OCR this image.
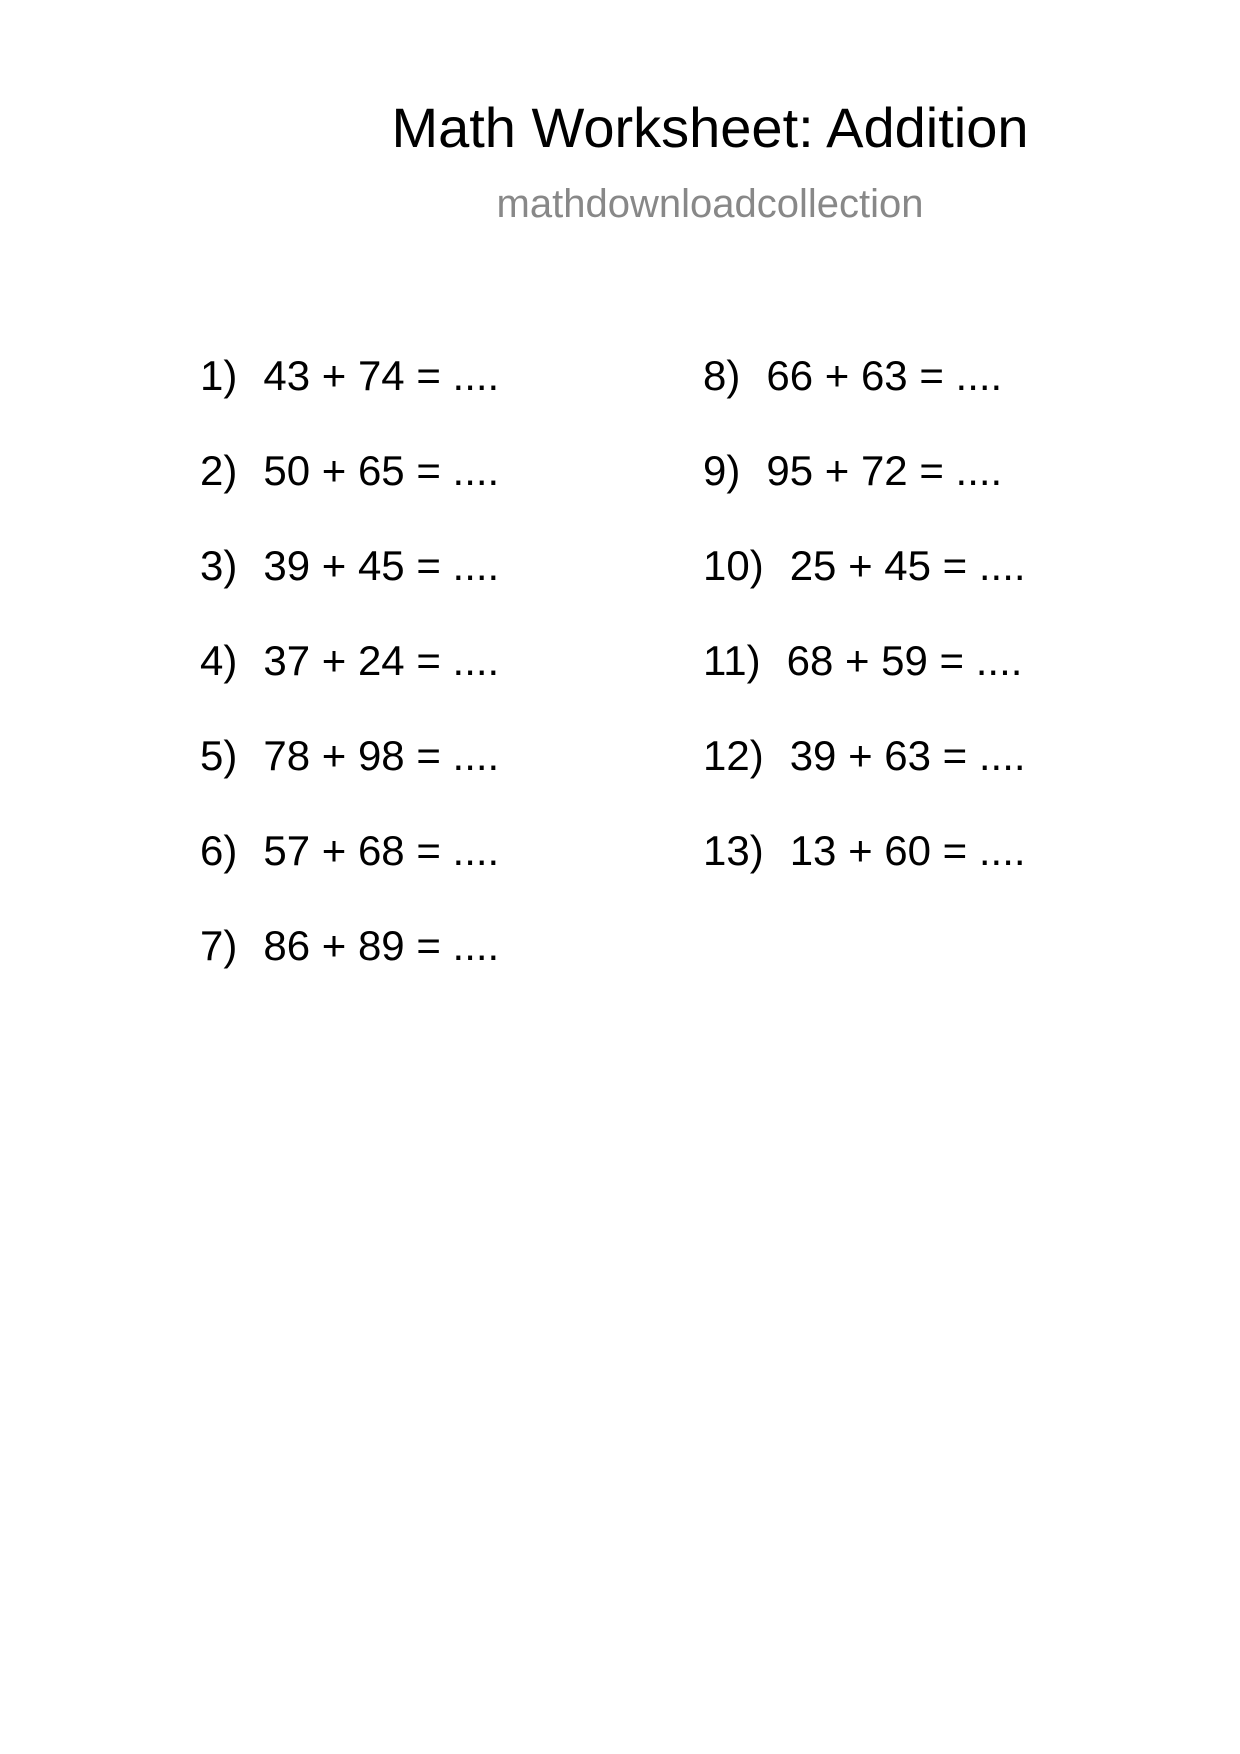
Math Worksheet: Addition
mathdownloadcollection
1) 43 + 74 = ....
2) 50 + 65 = ....
3) 39 + 45 = ....
4) 37 + 24 = ....
5) 78 + 98 = ....
6) 57 + 68 = ....
7) 86 + 89 = ....
8) 66 + 63 = ....
9) 95 + 72 = ....
10) 25 + 45 = ....
11) 68 + 59 = ....
12) 39 + 63 = ....
13) 13 + 60 = ....
